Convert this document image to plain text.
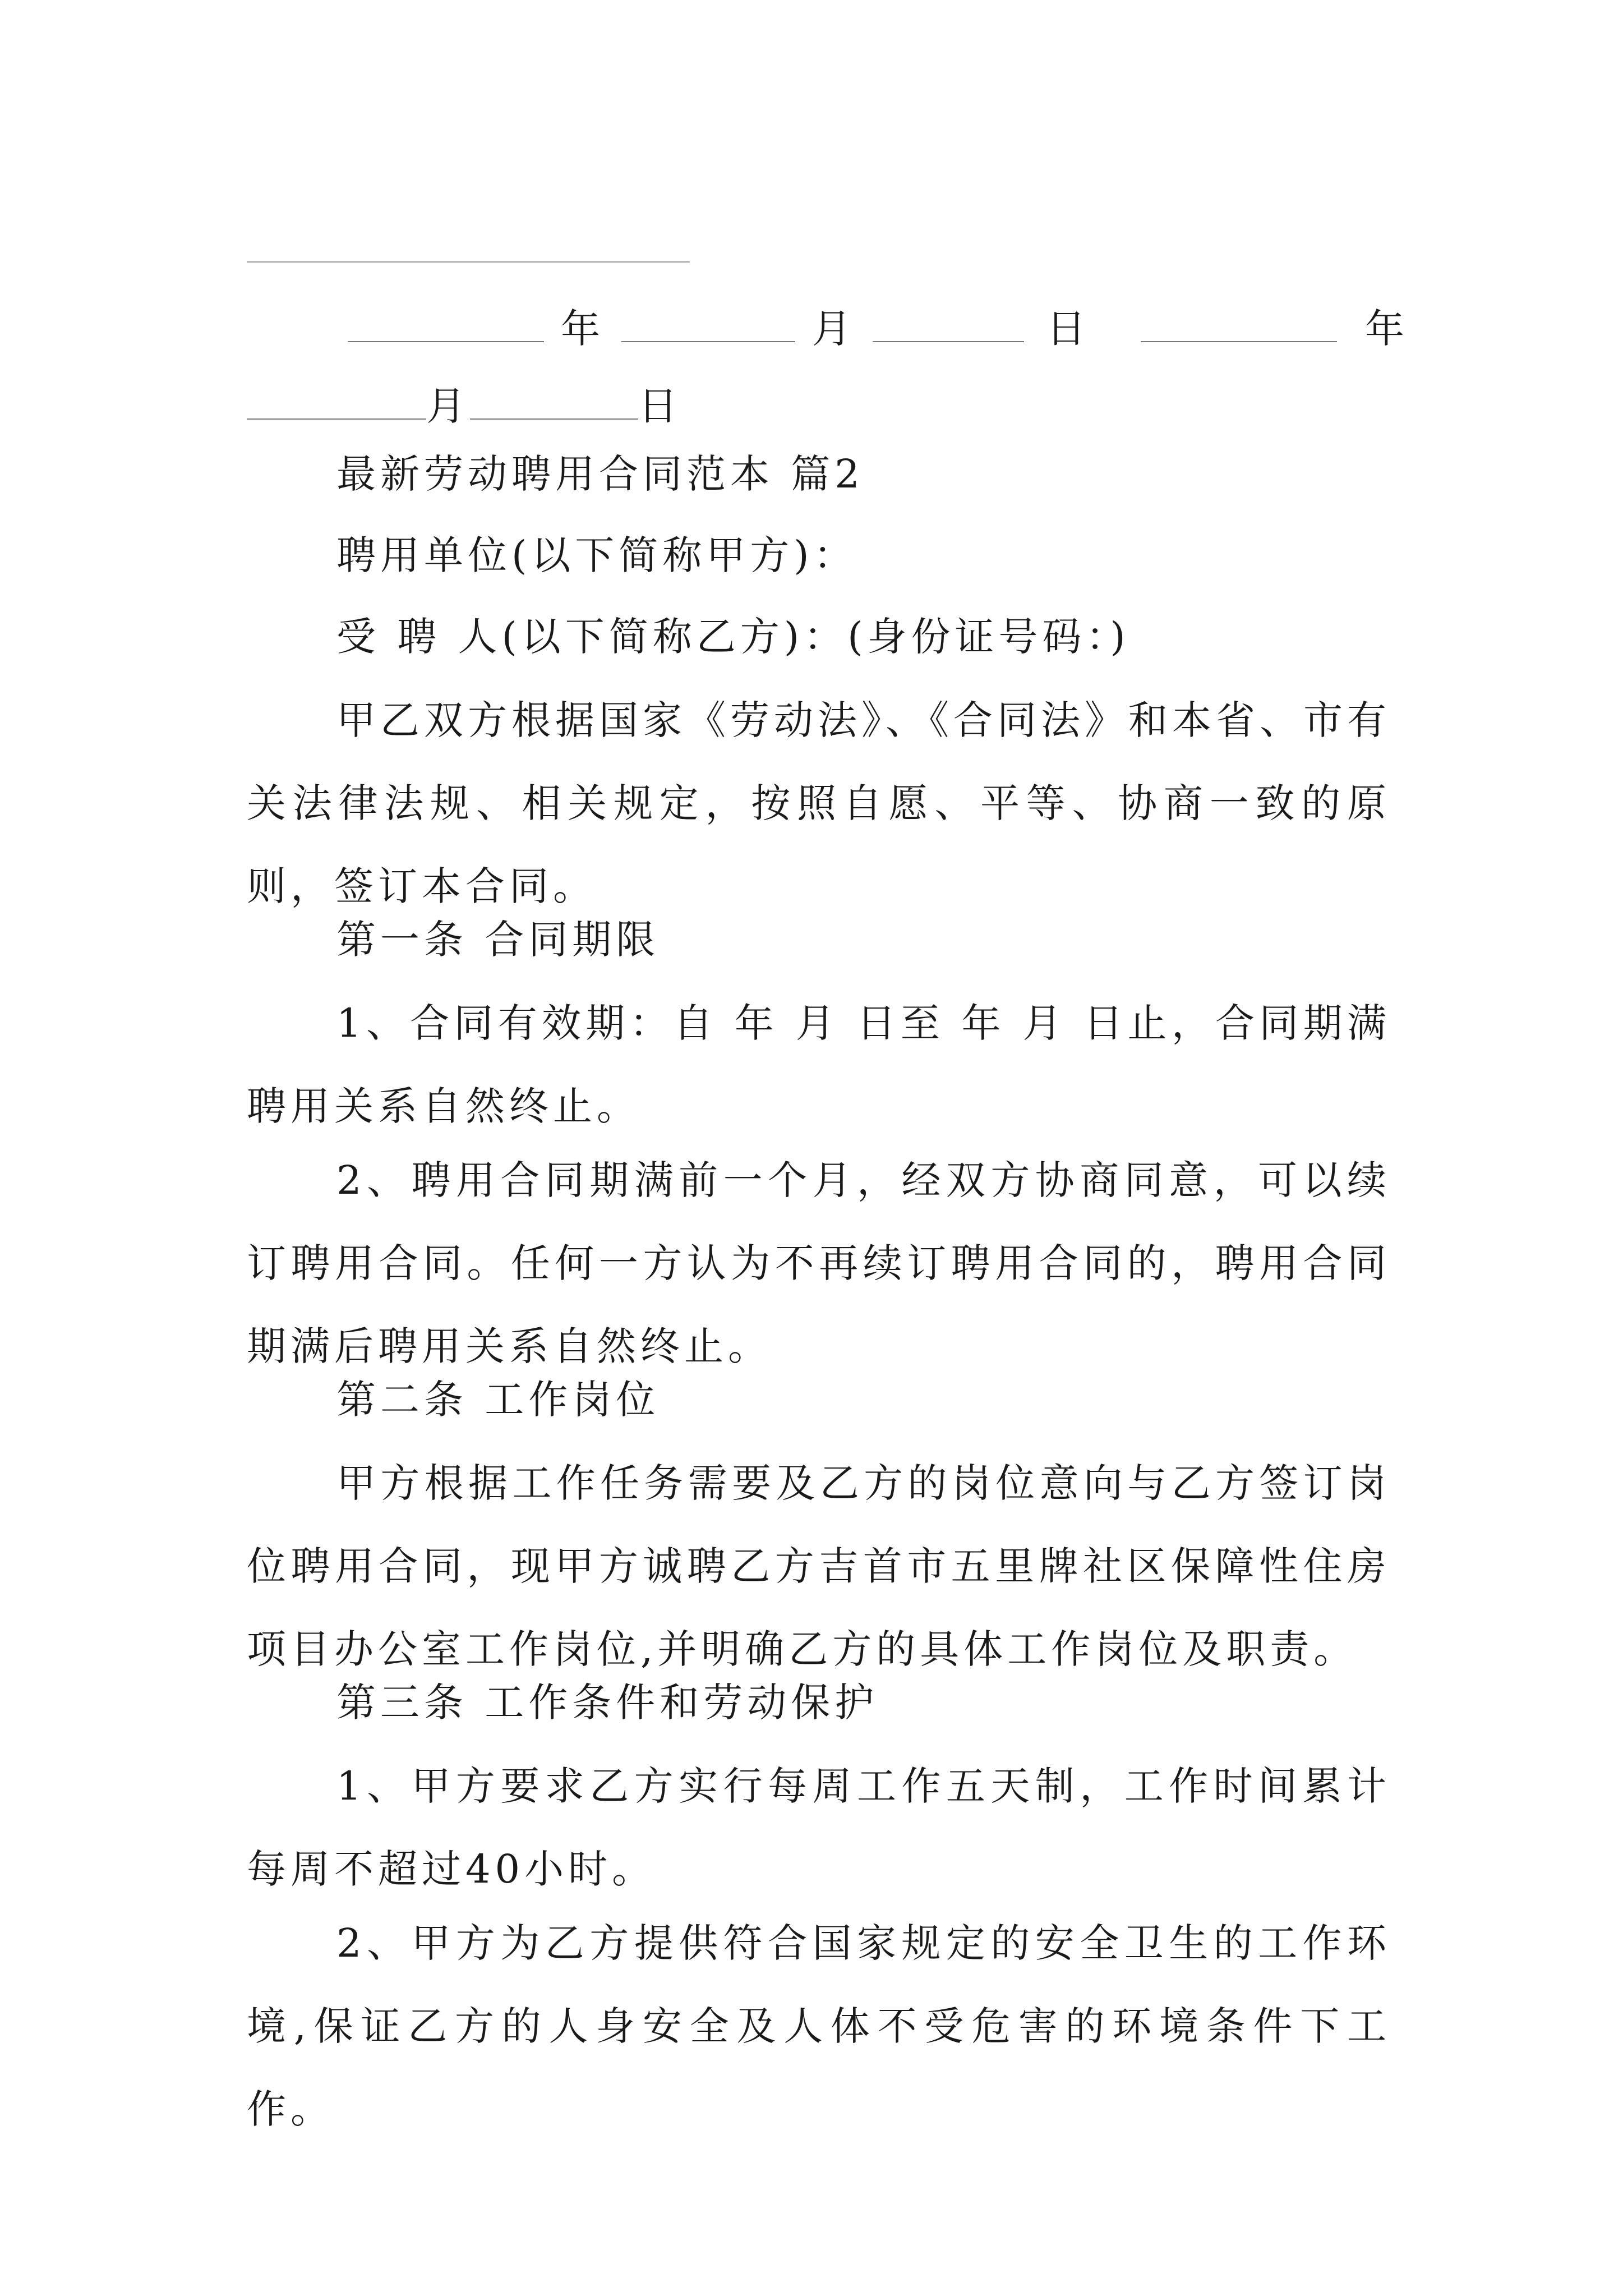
年	月	日	年
月	日
最新劳动聘用合同范本 篇2
聘用单位(以下简称甲方)：
受 聘 人(以下简称乙方)：(身份证号码：)
甲乙双方根据国家《劳动法》、《合同法》和本省、市有关法律法规、相关规定，按照自愿、平等、协商一致的原则，签订本合同。
第一条 合同期限
1、合同有效期：自 年 月 日至 年 月 日止，合同期满聘用关系自然终止。
2、聘用合同期满前一个月，经双方协商同意，可以续订聘用合同。任何一方认为不再续订聘用合同的，聘用合同期满后聘用关系自然终止。
第二条 工作岗位
甲方根据工作任务需要及乙方的岗位意向与乙方签订岗位聘用合同，现甲方诚聘乙方吉首市五里牌社区保障性住房项目办公室工作岗位,并明确乙方的具体工作岗位及职责。
第三条 工作条件和劳动保护
1、甲方要求乙方实行每周工作五天制，工作时间累计每周不超过40小时。
2、甲方为乙方提供符合国家规定的安全卫生的工作环境,保证乙方的人身安全及人体不受危害的环境条件下工作。
